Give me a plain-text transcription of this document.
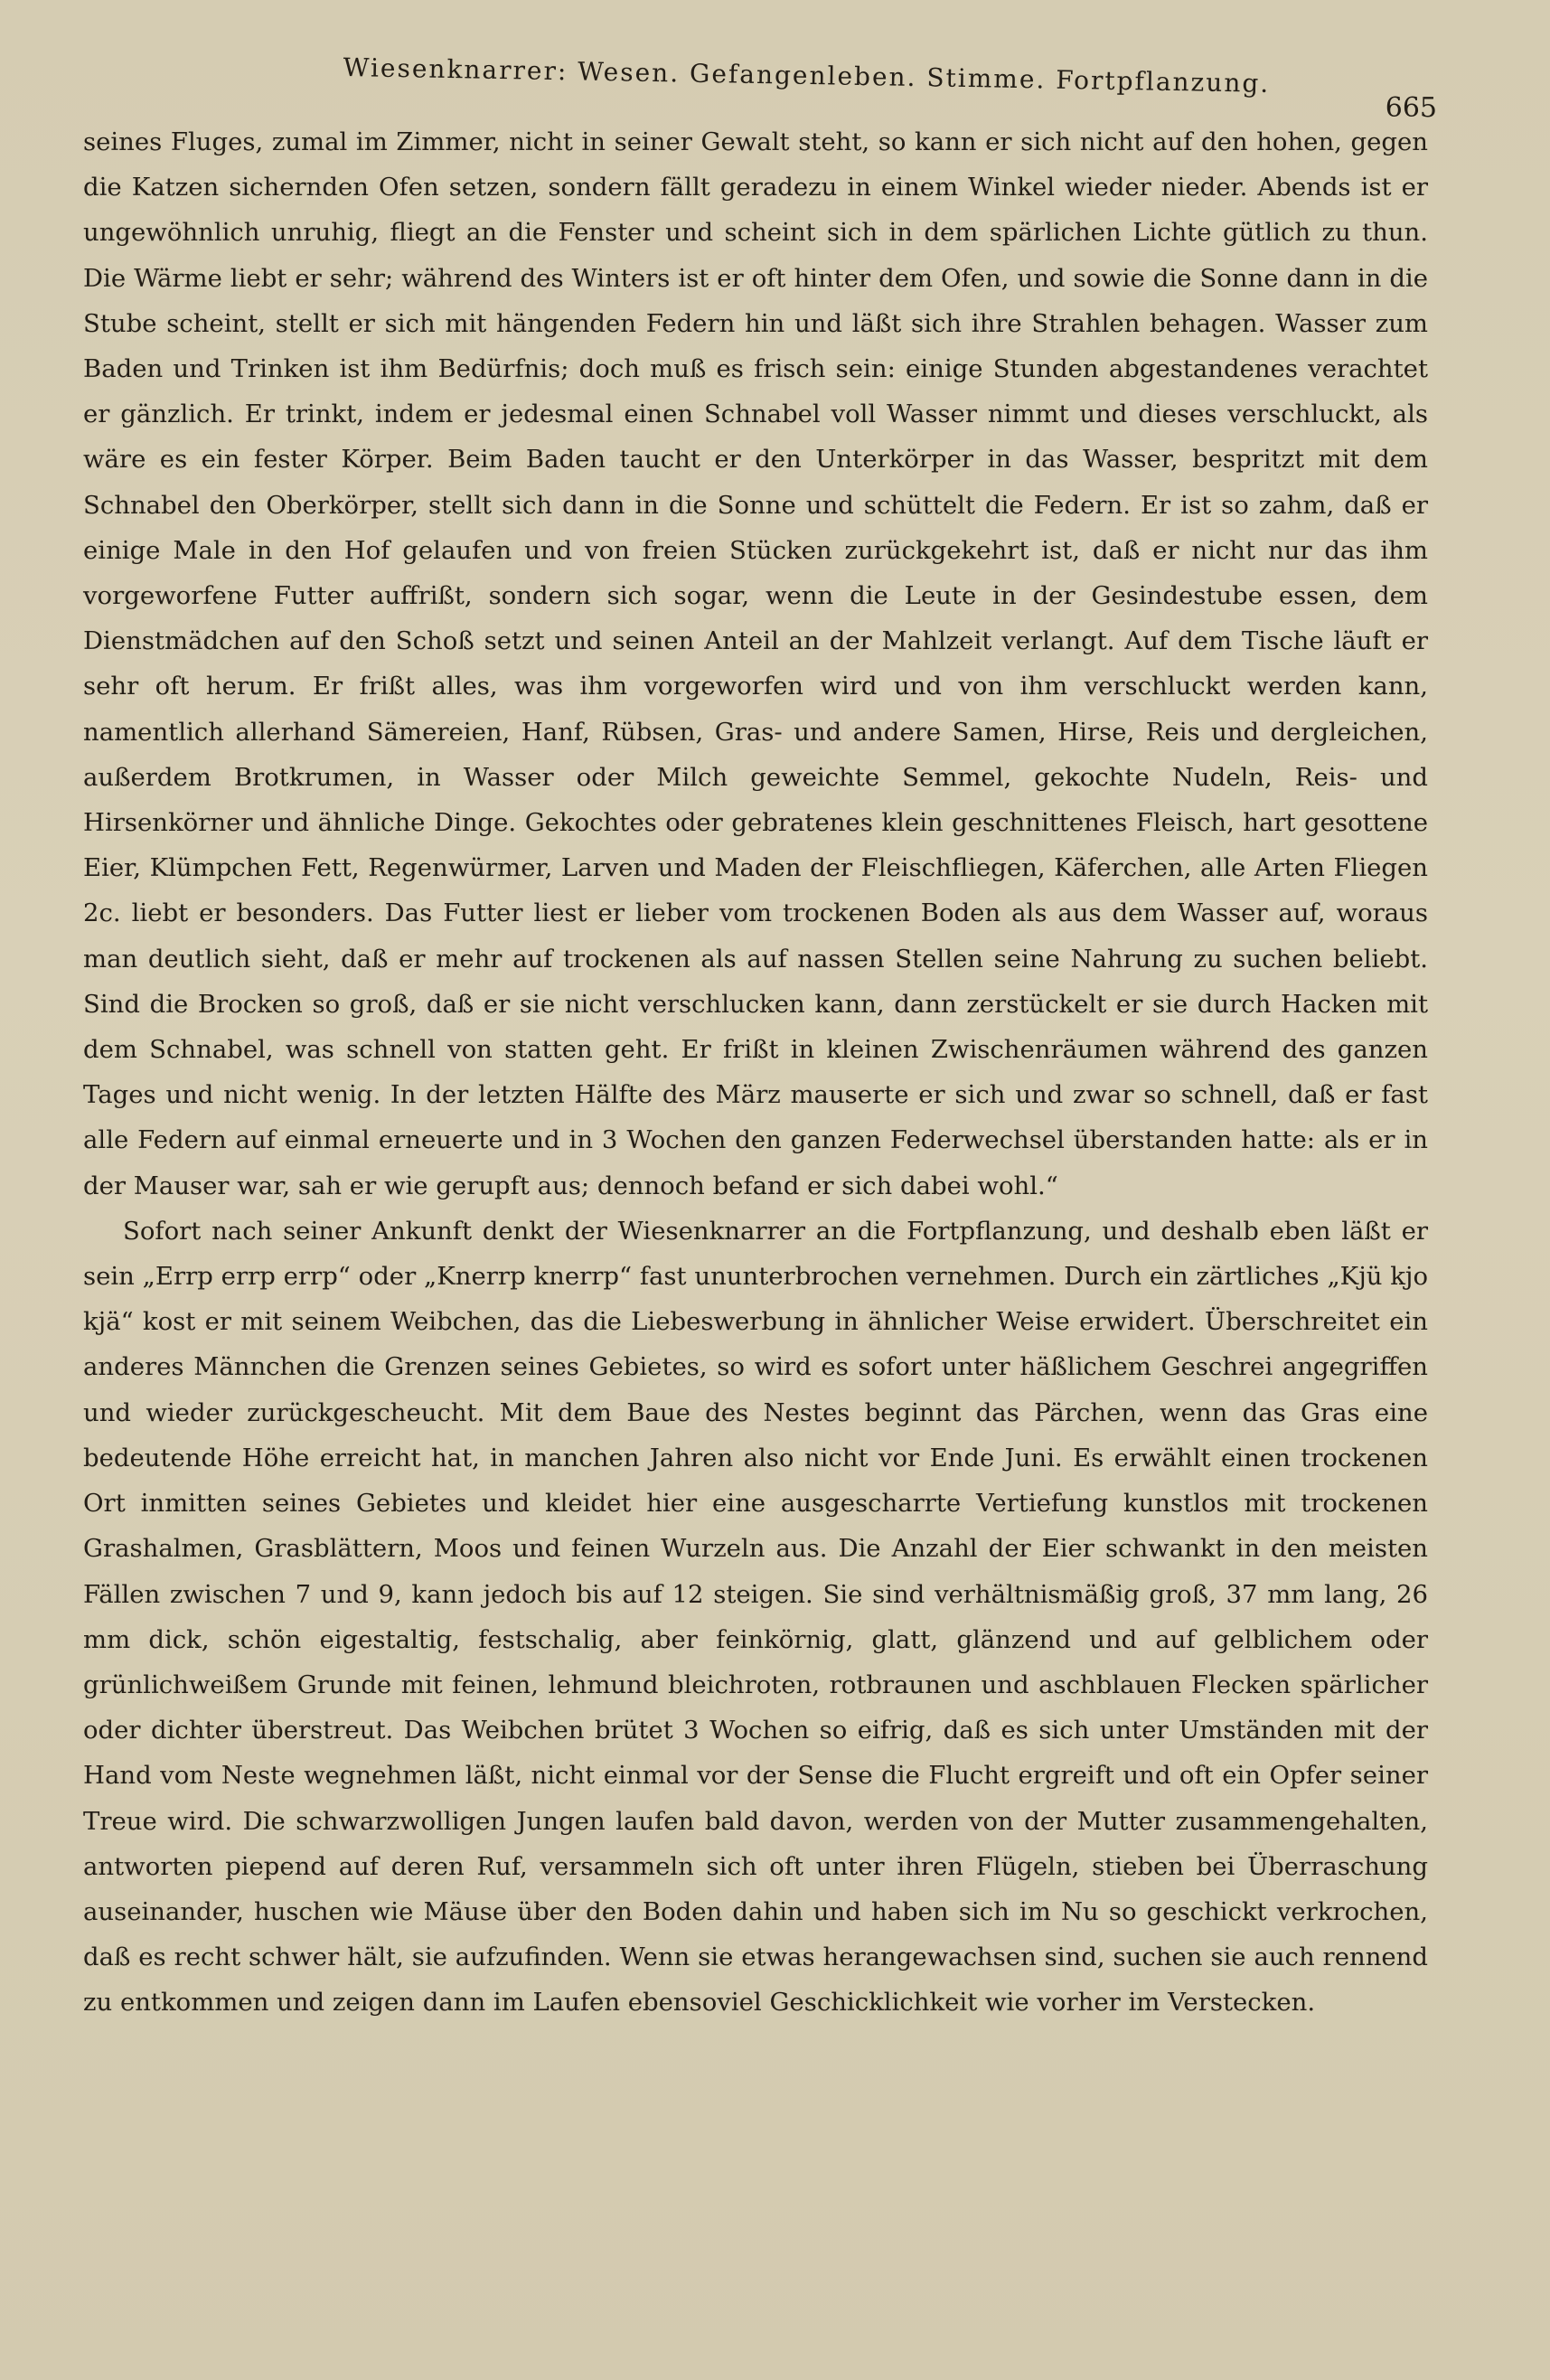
Wiesenknarrer: Wesen. Gefangenleben. Stimme. Fortpflanzung.
665

seines Fluges, zumal im Zimmer, nicht in seiner Gewalt steht, so kann er sich nicht auf den hohen, gegen die Katzen sichernden Ofen setzen, sondern fällt geradezu in einem Winkel wieder nieder. Abends ist er ungewöhnlich unruhig, fliegt an die Fenster und scheint sich in dem spärlichen Lichte gütlich zu thun. Die Wärme liebt er sehr; während des Winters ist er oft hinter dem Ofen, und sowie die Sonne dann in die Stube scheint, stellt er sich mit hängenden Federn hin und läßt sich ihre Strahlen behagen. Wasser zum Baden und Trinken ist ihm Bedürfnis; doch muß es frisch sein: einige Stunden abgestandenes verachtet er gänzlich. Er trinkt, indem er jedesmal einen Schnabel voll Wasser nimmt und dieses verschluckt, als wäre es ein fester Körper. Beim Baden taucht er den Unterkörper in das Wasser, bespritzt mit dem Schnabel den Oberkörper, stellt sich dann in die Sonne und schüttelt die Federn. Er ist so zahm, daß er einige Male in den Hof gelaufen und von freien Stücken zurückgekehrt ist, daß er nicht nur das ihm vorgeworfene Futter auffrißt, sondern sich sogar, wenn die Leute in der Gesindestube essen, dem Dienstmädchen auf den Schoß setzt und seinen Anteil an der Mahlzeit verlangt. Auf dem Tische läuft er sehr oft herum. Er frißt alles, was ihm vorgeworfen wird und von ihm verschluckt werden kann, namentlich allerhand Sämereien, Hanf, Rübsen, Gras- und andere Samen, Hirse, Reis und dergleichen, außerdem Brotkrumen, in Wasser oder Milch geweichte Semmel, gekochte Nudeln, Reis- und Hirsenkörner und ähnliche Dinge. Gekochtes oder gebratenes klein geschnittenes Fleisch, hart gesottene Eier, Klümpchen Fett, Regenwürmer, Larven und Maden der Fleischfliegen, Käferchen, alle Arten Fliegen 2c. liebt er besonders. Das Futter liest er lieber vom trockenen Boden als aus dem Wasser auf, woraus man deutlich sieht, daß er mehr auf trockenen als auf nassen Stellen seine Nahrung zu suchen beliebt. Sind die Brocken so groß, daß er sie nicht verschlucken kann, dann zerstückelt er sie durch Hacken mit dem Schnabel, was schnell von statten geht. Er frißt in kleinen Zwischenräumen während des ganzen Tages und nicht wenig. In der letzten Hälfte des März mauserte er sich und zwar so schnell, daß er fast alle Federn auf einmal erneuerte und in 3 Wochen den ganzen Federwechsel überstanden hatte: als er in der Mauser war, sah er wie gerupft aus; dennoch befand er sich dabei wohl.“

Sofort nach seiner Ankunft denkt der Wiesenknarrer an die Fortpflanzung, und deshalb eben läßt er sein „Errp errp errp“ oder „Knerrp knerrp“ fast ununterbrochen vernehmen. Durch ein zärtliches „Kjü kjo kjä“ kost er mit seinem Weibchen, das die Liebeswerbung in ähnlicher Weise erwidert. Überschreitet ein anderes Männchen die Grenzen seines Gebietes, so wird es sofort unter häßlichem Geschrei angegriffen und wieder zurückgescheucht. Mit dem Baue des Nestes beginnt das Pärchen, wenn das Gras eine bedeutende Höhe erreicht hat, in manchen Jahren also nicht vor Ende Juni. Es erwählt einen trockenen Ort inmitten seines Gebietes und kleidet hier eine ausgescharrte Vertiefung kunstlos mit trockenen Grashalmen, Grasblättern, Moos und feinen Wurzeln aus. Die Anzahl der Eier schwankt in den meisten Fällen zwischen 7 und 9, kann jedoch bis auf 12 steigen. Sie sind verhältnismäßig groß, 37 mm lang, 26 mm dick, schön eigestaltig, festschalig, aber feinkörnig, glatt, glänzend und auf gelblichem oder grünlichweißem Grunde mit feinen, lehmund bleichroten, rotbraunen und aschblauen Flecken spärlicher oder dichter überstreut. Das Weibchen brütet 3 Wochen so eifrig, daß es sich unter Umständen mit der Hand vom Neste wegnehmen läßt, nicht einmal vor der Sense die Flucht ergreift und oft ein Opfer seiner Treue wird. Die schwarzwolligen Jungen laufen bald davon, werden von der Mutter zusammengehalten, antworten piepend auf deren Ruf, versammeln sich oft unter ihren Flügeln, stieben bei Überraschung auseinander, huschen wie Mäuse über den Boden dahin und haben sich im Nu so geschickt verkrochen, daß es recht schwer hält, sie aufzufinden. Wenn sie etwas herangewachsen sind, suchen sie auch rennend zu entkommen und zeigen dann im Laufen ebensoviel Geschicklichkeit wie vorher im Verstecken.
